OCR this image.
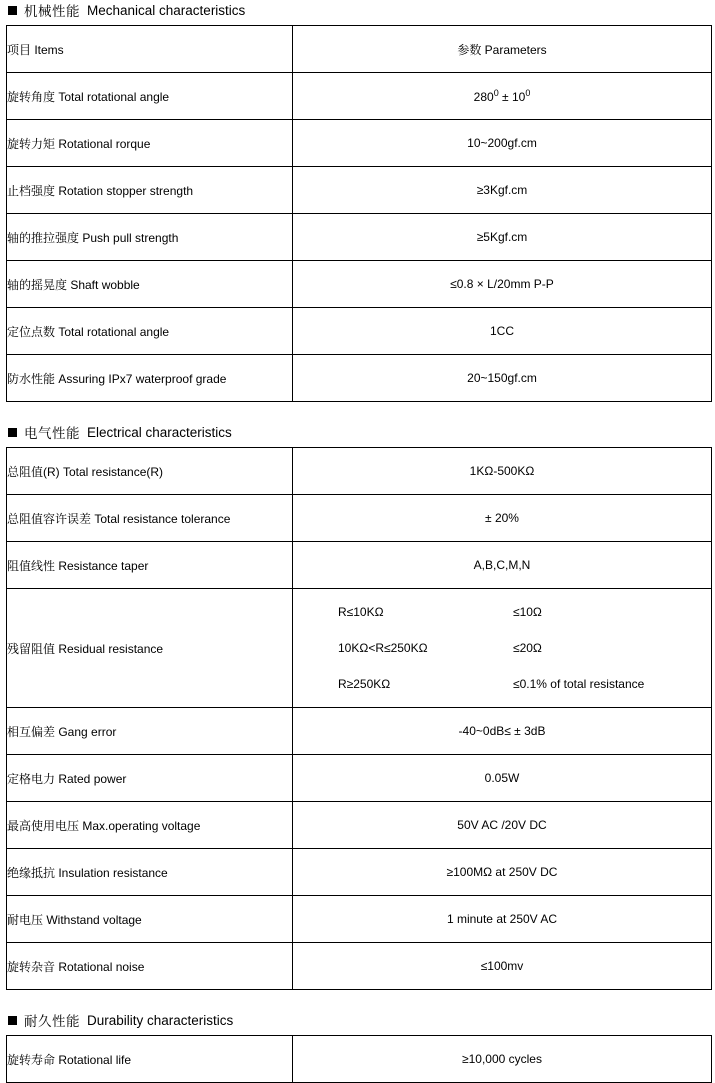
机械性能 Mechanical characteristics
项目 Items	参数 Parameters
旋转角度 Total rotational angle	$280^0 \pm 10^0$
旋转力矩 Rotational rorque	10~200gf.cm
止档强度 Rotation stopper strength	≥3Kgf.cm
轴的推拉强度 Push pull strength	≥5Kgf.cm
轴的摇晃度 Shaft wobble	≤0.8 × L/20mm P-P
定位点数 Total rotational angle	1CC
防水性能 Assuring IPx7 waterproof grade	20~150gf.cm
电气性能 Electrical characteristics
总阻值(R) Total resistance(R)	1KΩ-500KΩ
总阻值容许误差 Total resistance tolerance	± 20%
阻值线性 Resistance taper	A,B,C,M,N
残留阻值 Residual resistance	
R≤10KΩ	≤10Ω
10KΩ<R≤250KΩ	≤20Ω
R≥250KΩ	≤0.1% of total resistance

相互偏差 Gang error	-40~0dB≤ ± 3dB
定格电力 Rated power	0.05W
最高使用电压 Max.operating voltage	50V AC /20V DC
绝缘抵抗 Insulation resistance	≥100MΩ at 250V DC
耐电压 Withstand voltage	1 minute at 250V AC
旋转杂音 Rotational noise	≤100mv
耐久性能 Durability characteristics
旋转寿命 Rotational life	≥10,000 cycles
